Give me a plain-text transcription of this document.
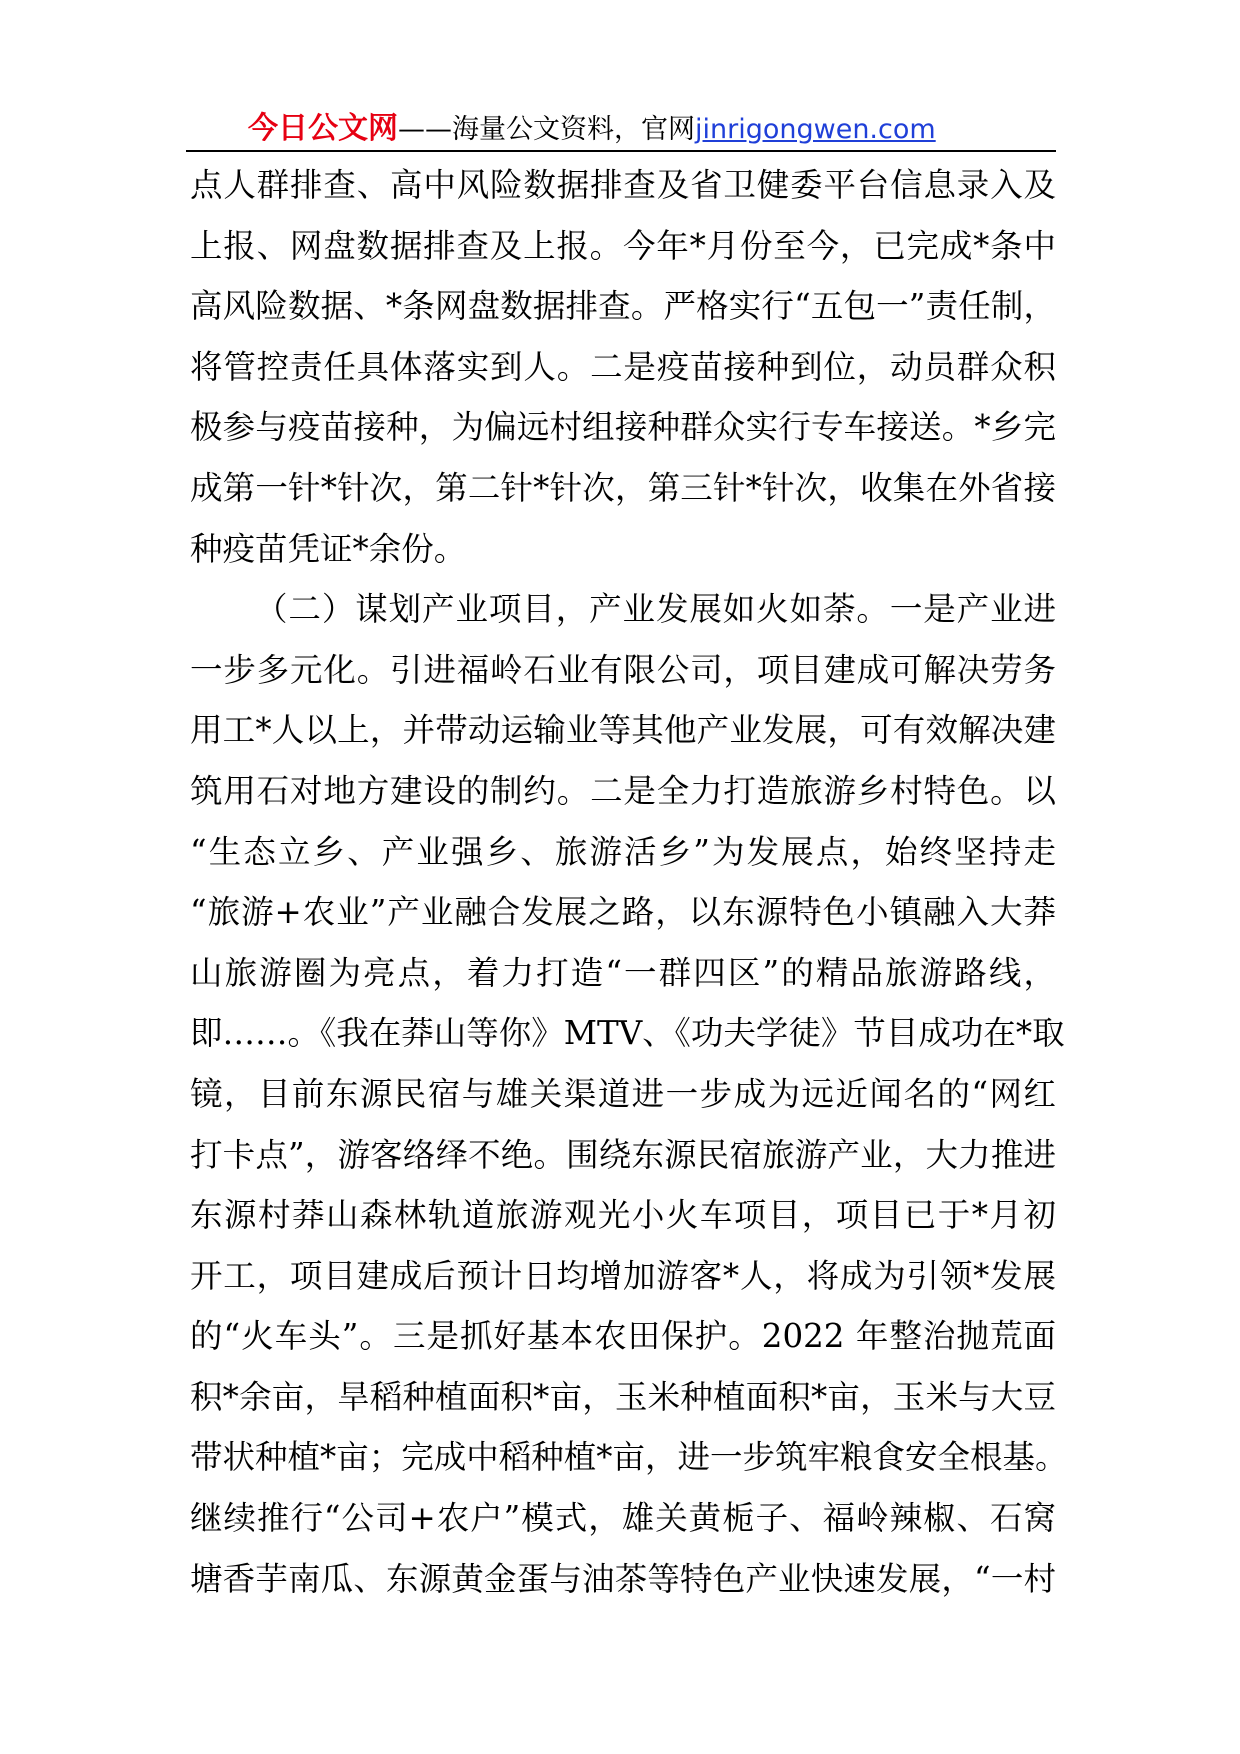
今日公文网——海量公文资料，官网jinrigongwen.com
点人群排查、高中风险数据排查及省卫健委平台信息录入及
上报、网盘数据排查及上报。今年*月份至今，已完成*条中
高风险数据、*条网盘数据排查。严格实行“五包一”责任制，
将管控责任具体落实到人。二是疫苗接种到位，动员群众积
极参与疫苗接种，为偏远村组接种群众实行专车接送。*乡完
成第一针*针次，第二针*针次，第三针*针次，收集在外省接
种疫苗凭证*余份。
（二）谋划产业项目，产业发展如火如荼。一是产业进
一步多元化。引进福岭石业有限公司，项目建成可解决劳务
用工*人以上，并带动运输业等其他产业发展，可有效解决建
筑用石对地方建设的制约。二是全力打造旅游乡村特色。以
“生态立乡、产业强乡、旅游活乡”为发展点，始终坚持走
“旅游+农业”产业融合发展之路，以东源特色小镇融入大莽
山旅游圈为亮点，着力打造“一群四区”的精品旅游路线，
即……。《我在莽山等你》MTV、《功夫学徒》节目成功在*取
镜，目前东源民宿与雄关渠道进一步成为远近闻名的“网红
打卡点”，游客络绎不绝。围绕东源民宿旅游产业，大力推进
东源村莽山森林轨道旅游观光小火车项目，项目已于*月初
开工，项目建成后预计日均增加游客*人，将成为引领*发展
的“火车头”。三是抓好基本农田保护。2022 年整治抛荒面
积*余亩，旱稻种植面积*亩，玉米种植面积*亩，玉米与大豆
带状种植*亩；完成中稻种植*亩，进一步筑牢粮食安全根基。
继续推行“公司+农户”模式，雄关黄栀子、福岭辣椒、石窝
塘香芋南瓜、东源黄金蛋与油茶等特色产业快速发展，“一村
